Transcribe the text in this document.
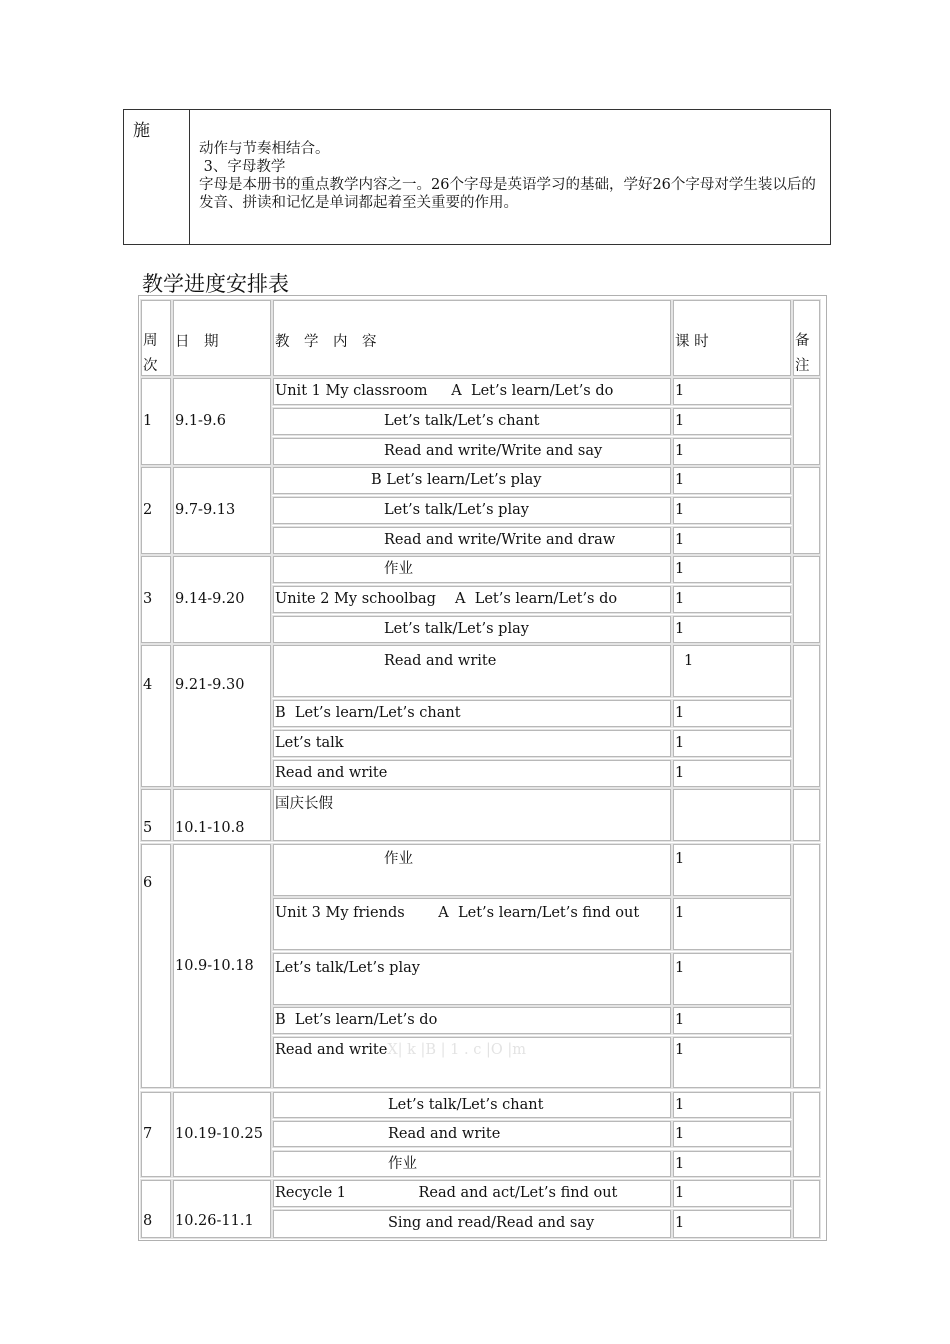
施

动作与节奏相结合。

3、字母教学

字母是本册书的重点教学内容之一。26个字母是英语学习的基础，学好26个字母对学生装以后的发音、拼读和记忆是单词都起着至关重要的作用。

教学进度安排表
周次
日　期	教　学　内　容	课 时	备注
1	9.1-9.6
Unit 1 My classroom　  A  Let’s learn/Let’s do	1
Let’s talk/Let’s chant	1
Read and write/Write and say	1
2	9.7-9.13
B Let’s learn/Let’s play	1
Let’s talk/Let’s play	1
Read and write/Write and draw	1
3	9.14-9.20
作业	1
Unite 2 My schoolbag　 A  Let’s learn/Let’s do	1
Let’s talk/Let’s play	1
4	9.21-9.30
Read and write	1
B  Let’s learn/Let’s chant	1
Let’s talk	1
Read and write	1
5	10.1-10.8
国庆长假
6
10.9-10.18
作业	1
Unit 3 My friends　　 A  Let’s learn/Let’s find out	1
Let’s talk/Let’s play	1
B  Let’s learn/Let’s do	1
Read and writeX| k |B | 1 . c |O |m	1
7	10.19-10.25
Let’s talk/Let’s chant	1
Read and write	1
作业	1
8	10.26-11.1
Recycle 1　　　　　Read and act/Let’s find out	1
Sing and read/Read and say	1
